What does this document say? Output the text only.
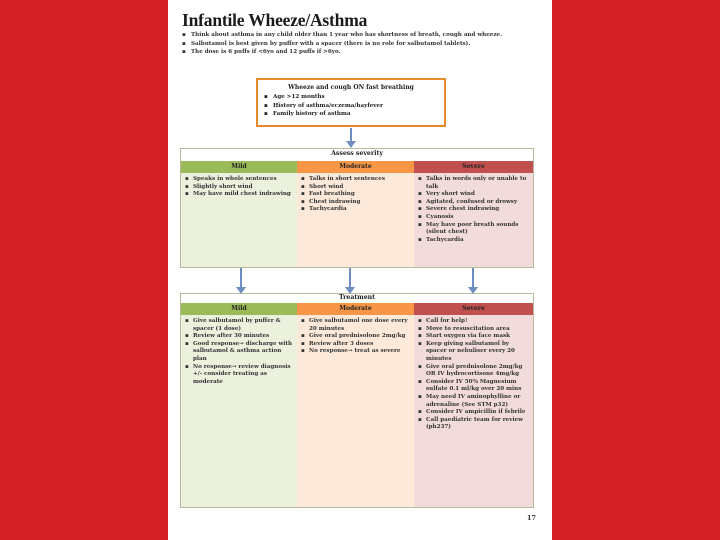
Infantile Wheeze/Asthma
▪ Think about asthma in any child older than 1 year who has shortness of breath, cough and wheeze.
▪ Salbutamol is best given by puffer with a spacer (there is no role for salbutamol tablets).
▪ The dose is 6 puffs if <6yo and 12 puffs if >6yo.
Wheeze and cough ON fast breathing
▪ Age >12 months
▪ History of asthma/eczema/hayfever
▪ Family history of asthma
Assess severity
Mild
▪ Speaks in whole sentences
▪ Slightly short wind
▪ May have mild chest indrawing
Moderate
▪ Talks in short sentences
▪ Short wind
▪ Fast breathing
▪ Chest indrawing
▪ Tachycardia
Severe
▪ Talks in words only or unable to talk
▪ Very short wind
▪ Agitated, confused or drowsy
▪ Severe chest indrawing
▪ Cyanosis
▪ May have poor breath sounds (silent chest)
▪ Tachycardia
Treatment
Mild
▪ Give salbutamol by puffer & spacer (1 dose)
▪ Review after 30 minutes
▪ Good response→ discharge with salbutamol & asthma action plan
▪ No response→ review diagnosis +/- consider treating as moderate
Moderate
▪ Give salbutamol one dose every 20 minutes
▪ Give oral prednisolone 2mg/kg
▪ Review after 3 doses
▪ No response→ treat as severe
Severe
▪ Call for help!
▪ Move to resuscitation area
▪ Start oxygen via face mask
▪ Keep giving salbutamol by spacer or nebuliser every 20 minutes
▪ Give oral prednisolone 2mg/kg OR IV hydrocortisone 4mg/kg
▪ Consider IV 50% Magnesium sulfate 0.1 ml/kg over 20 mins
▪ May need IV aminophylline or adrenaline (See STM p32)
▪ Consider IV ampicillin if febrile
▪ Call paediatric team for review (ph237)
17
